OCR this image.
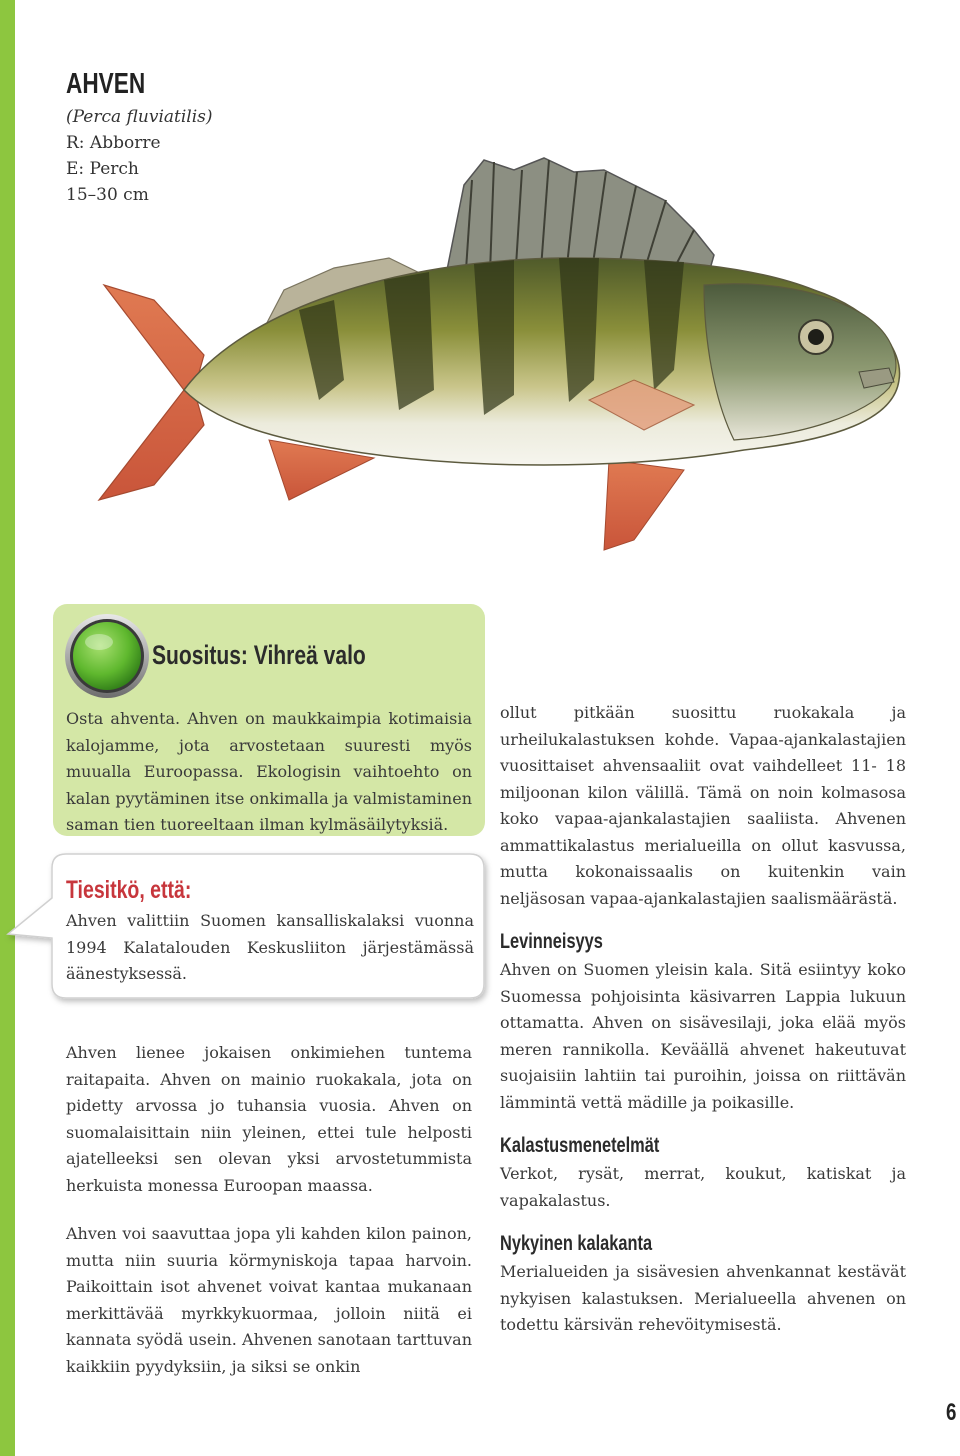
AHVEN
(Perca fluviatilis)
R: Abborre
E: Perch
15–30 cm
Suositus: Vihreä valo
Osta ahventa. Ahven on maukkaimpia kotimaisia kalojamme, jota arvostetaan suuresti myös muualla Euroopassa. Ekologisin vaihtoehto on kalan pyytäminen itse onkimalla ja valmistaminen saman tien tuoreeltaan ilman kylmäsäilytyksiä.
Tiesitkö, että:
Ahven valittiin Suomen kansalliskalaksi vuonna 1994 Kalatalouden Keskusliiton järjestämässä äänestyksessä.
Ahven lienee jokaisen onkimiehen tuntema raitapaita. Ahven on mainio ruokakala, jota on pidetty arvossa jo tuhansia vuosia. Ahven on suomalaisittain niin yleinen, ettei tule helposti ajatelleeksi sen olevan yksi arvostetummista herkuista monessa Euroopan maassa.
Ahven voi saavuttaa jopa yli kahden kilon painon, mutta niin suuria körmyniskoja tapaa harvoin. Paikoittain isot ahvenet voivat kantaa mukanaan merkittävää myrkkykuormaa, jolloin niitä ei kannata syödä usein. Ahvenen sanotaan tarttuvan kaikkiin pyydyksiin, ja siksi se onkin
ollut pitkään suosittu ruokakala ja urheilukalastuksen kohde. Vapaa-ajankalastajien vuosittaiset ahvensaaliit ovat vaihdelleet 11- 18 miljoonan kilon välillä. Tämä on noin kolmasosa koko vapaa-ajankalastajien saaliista. Ahvenen ammattikalastus merialueilla on ollut kasvussa, mutta kokonaissaalis on kuitenkin vain neljäsosan vapaa-ajankalastajien saalismäärästä.
Levinneisyys
Ahven on Suomen yleisin kala. Sitä esiintyy koko Suomessa pohjoisinta käsivarren Lappia lukuun ottamatta. Ahven on sisävesilaji, joka elää myös meren rannikolla. Keväällä ahvenet hakeutuvat suojaisiin lahtiin tai puroihin, joissa on riittävän lämmintä vettä mädille ja poikasille.
Kalastusmenetelmät
Verkot, rysät, merrat, koukut, katiskat ja vapakalastus.
Nykyinen kalakanta
Merialueiden ja sisävesien ahvenkannat kestävät nykyisen kalastuksen. Merialueella ahvenen on todettu kärsivän rehevöitymisestä.
6
